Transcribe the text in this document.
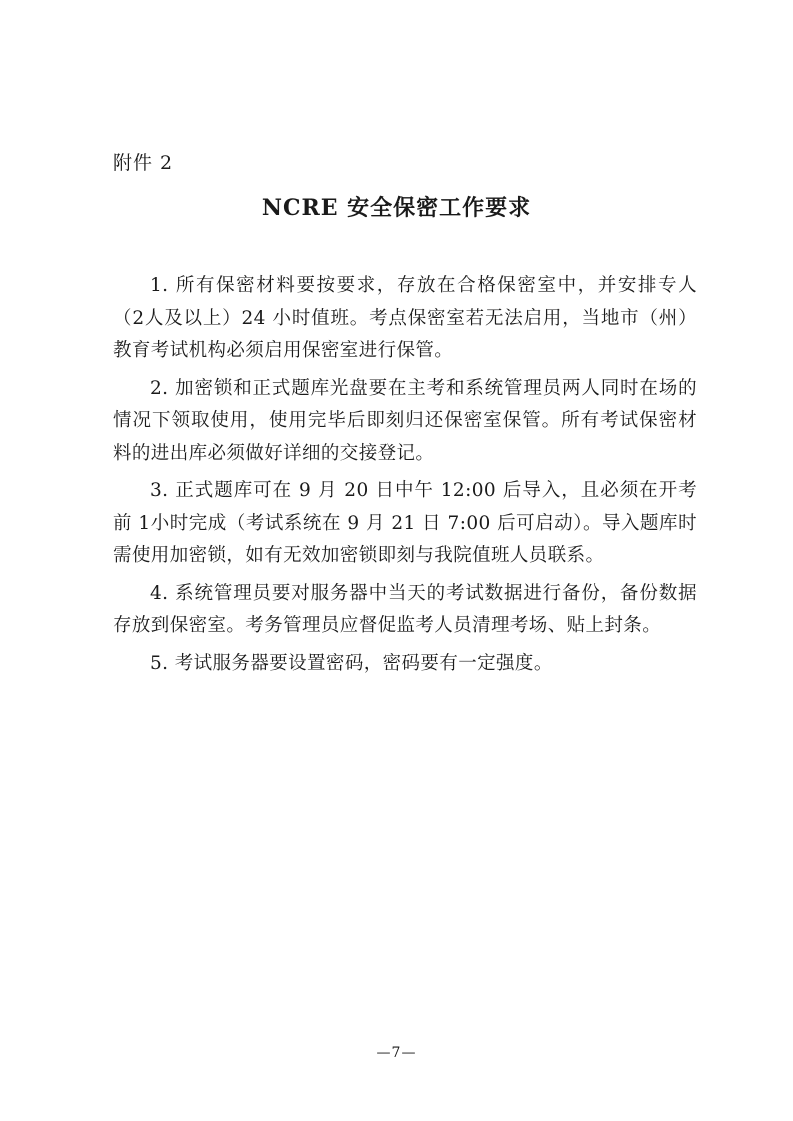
附件 2
NCRE 安全保密工作要求

1. 所有保密材料要按要求，存放在合格保密室中，并安排专人（2人及以上）24 小时值班。考点保密室若无法启用，当地市（州）教育考试机构必须启用保密室进行保管。

2. 加密锁和正式题库光盘要在主考和系统管理员两人同时在场的情况下领取使用，使用完毕后即刻归还保密室保管。所有考试保密材料的进出库必须做好详细的交接登记。

3. 正式题库可在 9 月 20 日中午 12:00 后导入，且必须在开考前 1小时完成（考试系统在 9 月 21 日 7:00 后可启动）。导入题库时需使用加密锁，如有无效加密锁即刻与我院值班人员联系。

4. 系统管理员要对服务器中当天的考试数据进行备份，备份数据存放到保密室。考务管理员应督促监考人员清理考场、贴上封条。

5. 考试服务器要设置密码，密码要有一定强度。

—7—
